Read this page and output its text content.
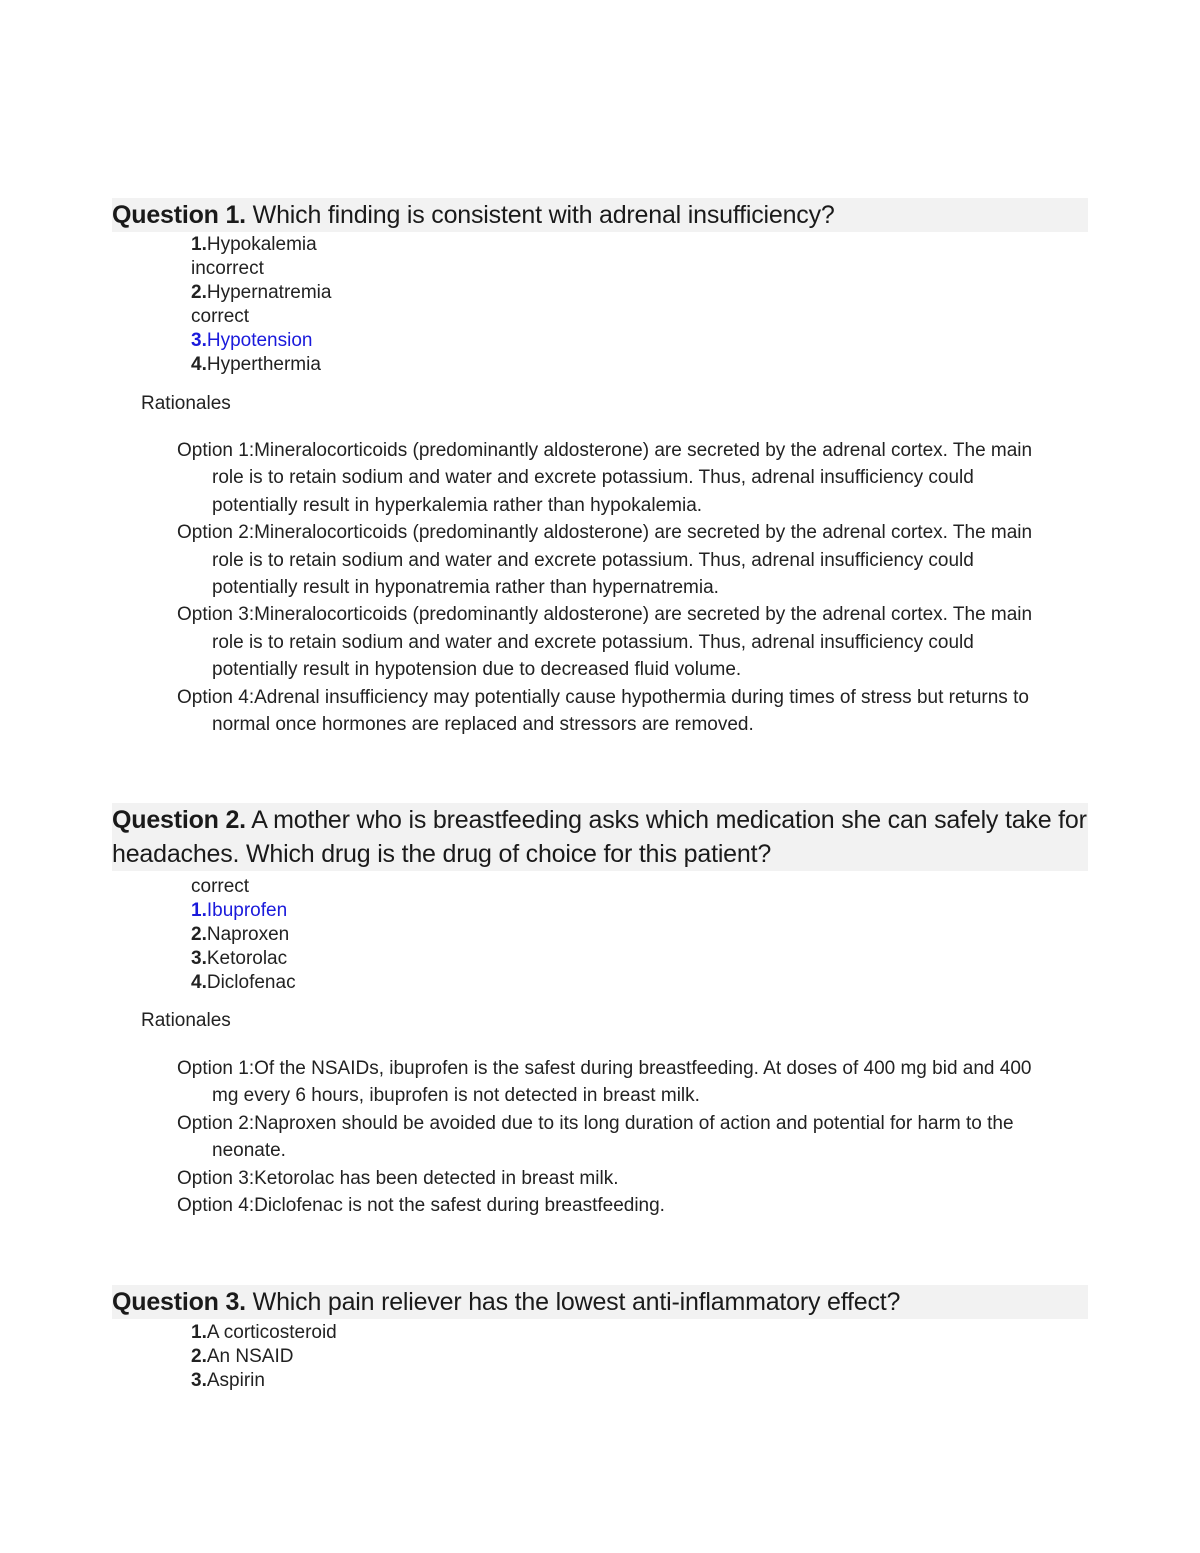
Question 1. Which finding is consistent with adrenal insufficiency?
1.Hypokalemia
incorrect
2.Hypernatremia
correct
3.Hypotension
4.Hyperthermia
Rationales
Option 1:Mineralocorticoids (predominantly aldosterone) are secreted by the adrenal cortex. The main role is to retain sodium and water and excrete potassium. Thus, adrenal insufficiency could potentially result in hyperkalemia rather than hypokalemia.
Option 2:Mineralocorticoids (predominantly aldosterone) are secreted by the adrenal cortex. The main role is to retain sodium and water and excrete potassium. Thus, adrenal insufficiency could potentially result in hyponatremia rather than hypernatremia.
Option 3:Mineralocorticoids (predominantly aldosterone) are secreted by the adrenal cortex. The main role is to retain sodium and water and excrete potassium. Thus, adrenal insufficiency could potentially result in hypotension due to decreased fluid volume.
Option 4:Adrenal insufficiency may potentially cause hypothermia during times of stress but returns to normal once hormones are replaced and stressors are removed.
Question 2. A mother who is breastfeeding asks which medication she can safely take for headaches. Which drug is the drug of choice for this patient?
correct
1.Ibuprofen
2.Naproxen
3.Ketorolac
4.Diclofenac
Rationales
Option 1:Of the NSAIDs, ibuprofen is the safest during breastfeeding. At doses of 400 mg bid and 400 mg every 6 hours, ibuprofen is not detected in breast milk.
Option 2:Naproxen should be avoided due to its long duration of action and potential for harm to the neonate.
Option 3:Ketorolac has been detected in breast milk.
Option 4:Diclofenac is not the safest during breastfeeding.
Question 3. Which pain reliever has the lowest anti-inflammatory effect?
1.A corticosteroid
2.An NSAID
3.Aspirin
